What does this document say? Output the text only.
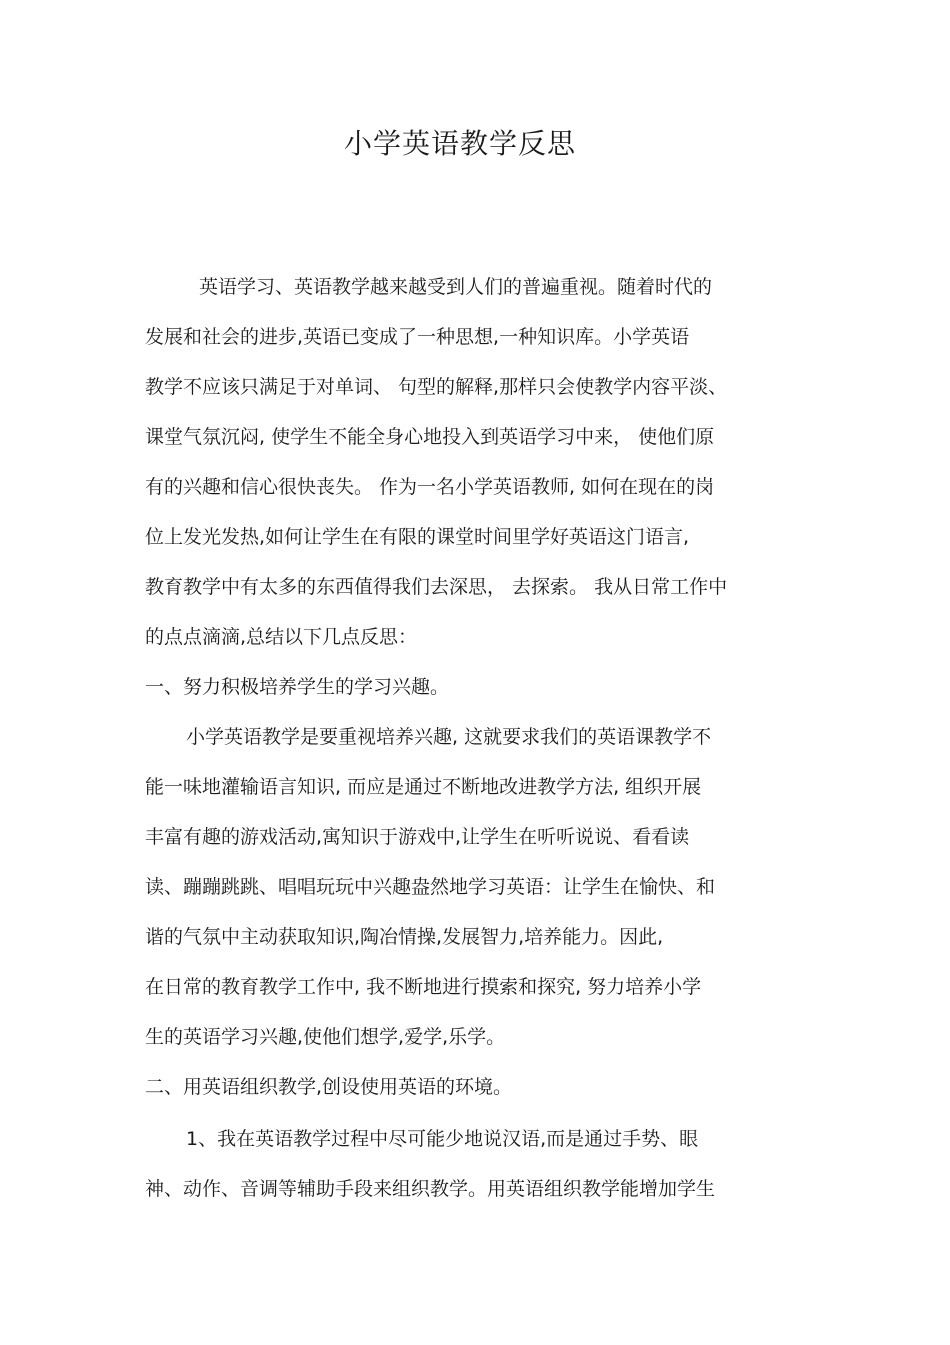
小学英语教学反思
英语学习、英语教学越来越受到人们的普遍重视。随着时代的
发展和社会的进步,英语已变成了一种思想,一种知识库。小学英语
教学不应该只满足于对单词、 句型的解释,那样只会使教学内容平淡、
课堂气氛沉闷, 使学生不能全身心地投入到英语学习中来， 使他们原
有的兴趣和信心很快丧失。 作为一名小学英语教师, 如何在现在的岗
位上发光发热,如何让学生在有限的课堂时间里学好英语这门语言,
教育教学中有太多的东西值得我们去深思， 去探索。 我从日常工作中
的点点滴滴,总结以下几点反思：
一、努力积极培养学生的学习兴趣。
小学英语教学是要重视培养兴趣, 这就要求我们的英语课教学不
能一味地灌输语言知识, 而应是通过不断地改进教学方法, 组织开展
丰富有趣的游戏活动,寓知识于游戏中,让学生在听听说说、看看读
读、蹦蹦跳跳、唱唱玩玩中兴趣盎然地学习英语：让学生在愉快、和
谐的气氛中主动获取知识,陶冶情操,发展智力,培养能力。因此,
在日常的教育教学工作中, 我不断地进行摸索和探究, 努力培养小学
生的英语学习兴趣,使他们想学,爱学,乐学。
二、用英语组织教学,创设使用英语的环境。
1、我在英语教学过程中尽可能少地说汉语,而是通过手势、眼
神、动作、音调等辅助手段来组织教学。用英语组织教学能增加学生
